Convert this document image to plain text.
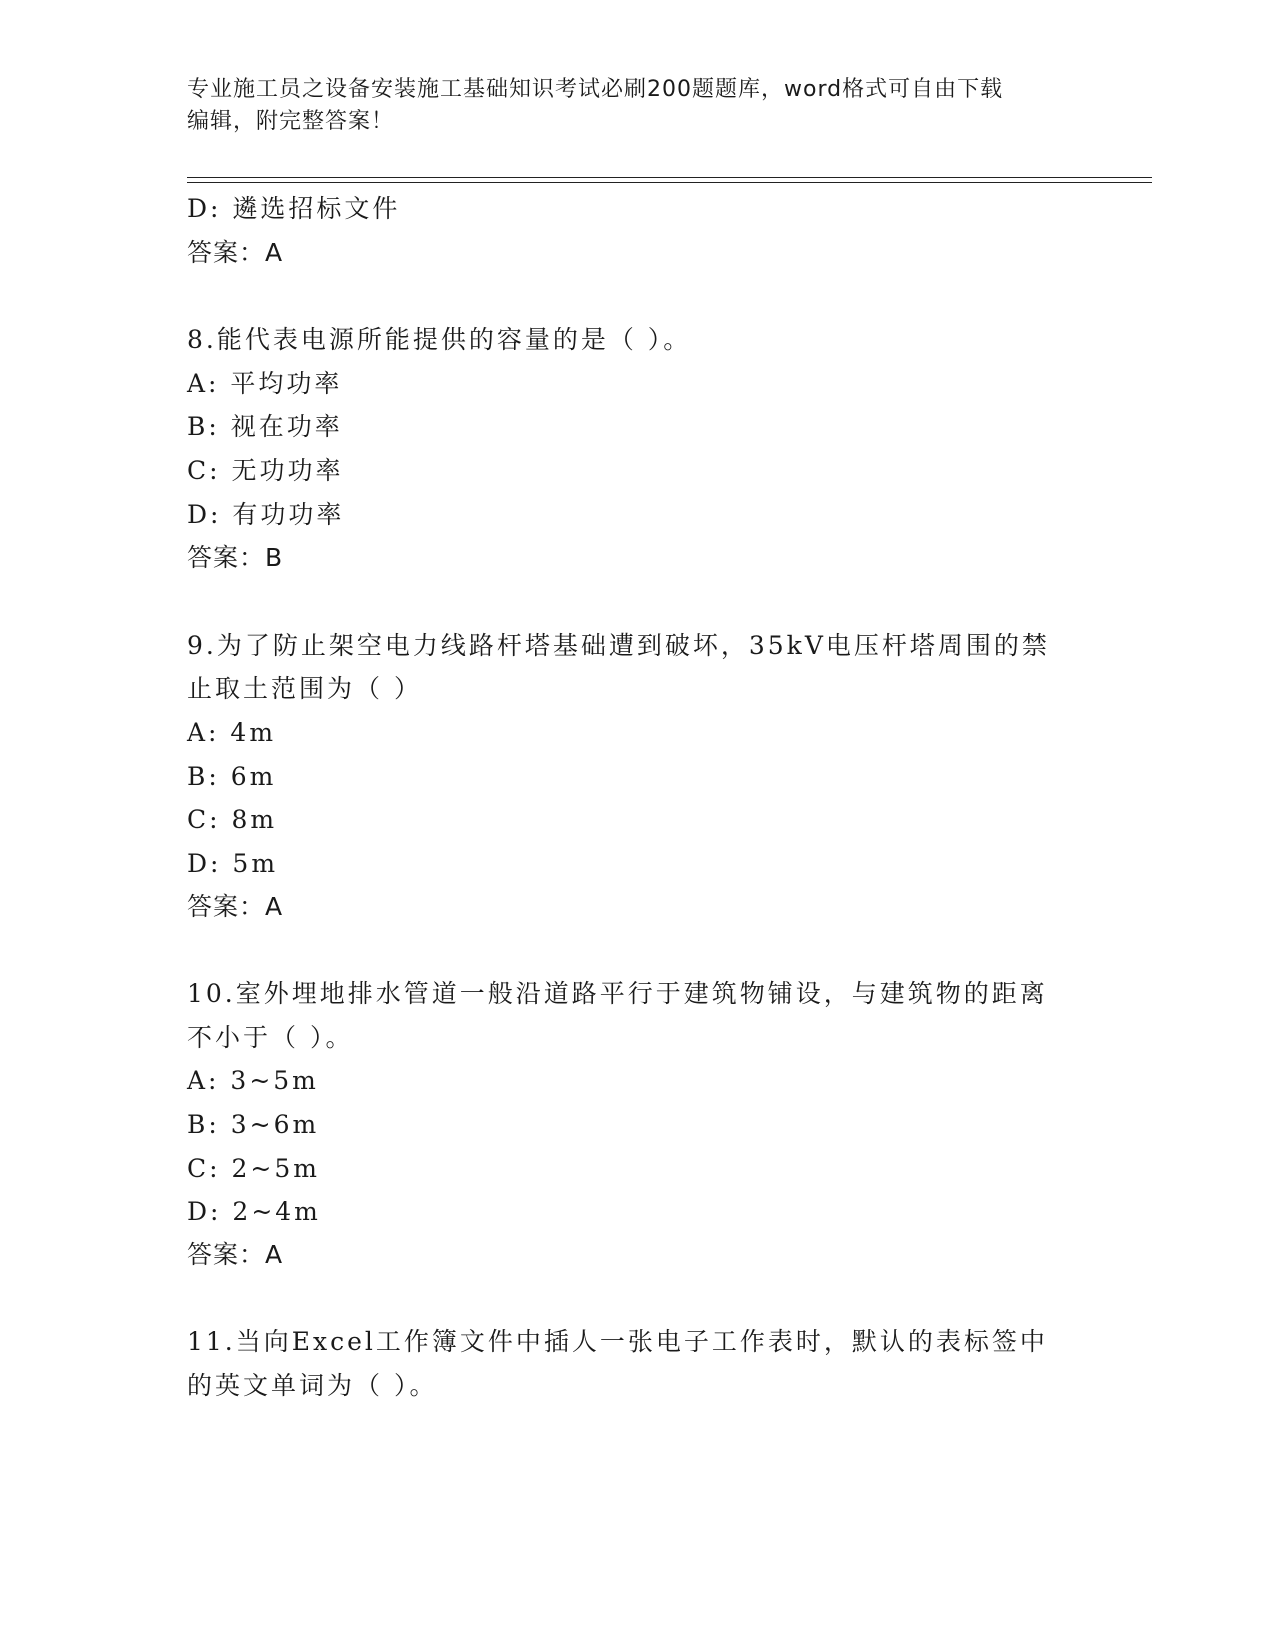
专业施工员之设备安装施工基础知识考试必刷200题题库，word格式可自由下载
编辑，附完整答案！
D: 遴选招标文件
答案：A
8.能代表电源所能提供的容量的是（ ）。
A: 平均功率
B: 视在功率
C: 无功功率
D: 有功功率
答案：B
9.为了防止架空电力线路杆塔基础遭到破坏，35kV电压杆塔周围的禁
止取土范围为（ ）
A: 4m
B: 6m
C: 8m
D: 5m
答案：A
10.室外埋地排水管道一般沿道路平行于建筑物铺设，与建筑物的距离
不小于（ ）。
A: 3~5m
B: 3~6m
C: 2~5m
D: 2~4m
答案：A
11.当向Excel工作簿文件中插人一张电子工作表时，默认的表标签中
的英文单词为（ ）。
